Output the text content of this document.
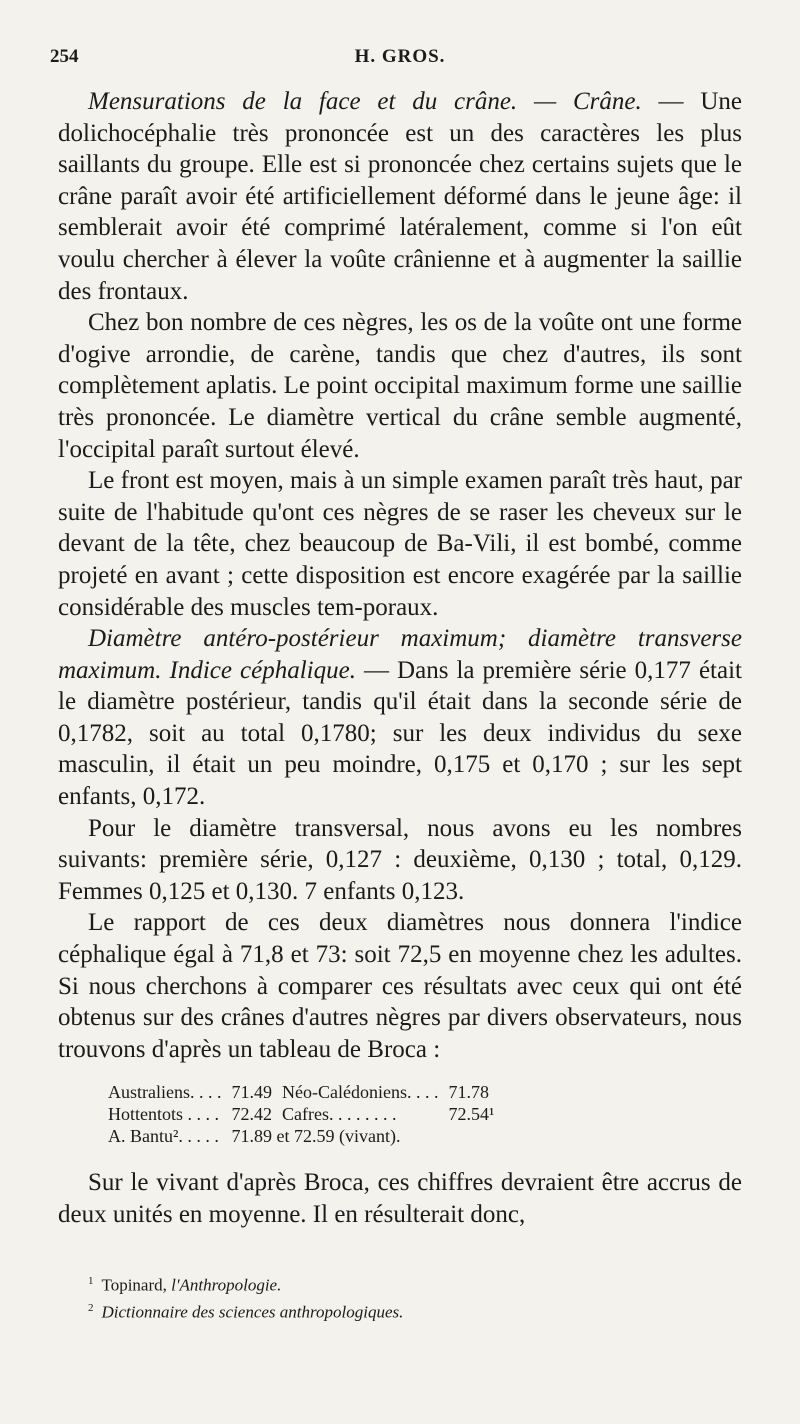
254	H. GROS.

Mensurations de la face et du crâne. — Crâne. — Une dolichocéphalie très prononcée est un des caractères les plus saillants du groupe. Elle est si prononcée chez certains sujets que le crâne paraît avoir été artificiellement déformé dans le jeune âge: il semblerait avoir été comprimé latéralement, comme si l'on eût voulu chercher à élever la voûte crânienne et à augmenter la saillie des frontaux.

Chez bon nombre de ces nègres, les os de la voûte ont une forme d'ogive arrondie, de carène, tandis que chez d'autres, ils sont complètement aplatis. Le point occipital maximum forme une saillie très prononcée. Le diamètre vertical du crâne semble augmenté, l'occipital paraît surtout élevé.

Le front est moyen, mais à un simple examen paraît très haut, par suite de l'habitude qu'ont ces nègres de se raser les cheveux sur le devant de la tête, chez beaucoup de Ba-Vili, il est bombé, comme projeté en avant ; cette disposition est encore exagérée par la saillie considérable des muscles tem-poraux.

Diamètre antéro-postérieur maximum; diamètre transverse maximum. Indice céphalique. — Dans la première série 0,177 était le diamètre postérieur, tandis qu'il était dans la seconde série de 0,1782, soit au total 0,1780; sur les deux individus du sexe masculin, il était un peu moindre, 0,175 et 0,170 ; sur les sept enfants, 0,172.

Pour le diamètre transversal, nous avons eu les nombres suivants: première série, 0,127 : deuxième, 0,130 ; total, 0,129. Femmes 0,125 et 0,130. 7 enfants 0,123.

Le rapport de ces deux diamètres nous donnera l'indice céphalique égal à 71,8 et 73: soit 72,5 en moyenne chez les adultes. Si nous cherchons à comparer ces résultats avec ceux qui ont été obtenus sur des crânes d'autres nègres par divers observateurs, nous trouvons d'après un tableau de Broca :

Australiens. . . .	71.49	Néo-Calédoniens. . . .	71.78
Hottentots . . . .	72.42	Cafres. . . . . . . .	72.54¹
A. Bantu². . . . .	71.89 et 72.59 (vivant).		

Sur le vivant d'après Broca, ces chiffres devraient être accrus de deux unités en moyenne. Il en résulterait donc,

$^1$ Topinard, l'Anthropologie.
$^2$ Dictionnaire des sciences anthropologiques.
